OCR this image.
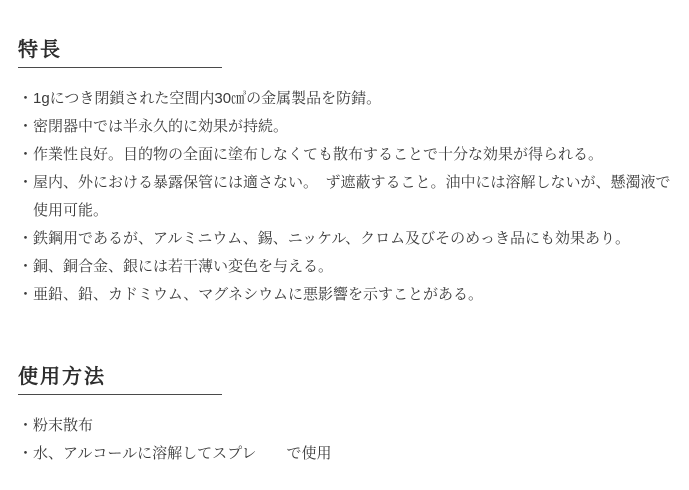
特長

・1gにつき閉鎖された空間内30㎤の金属製品を防錆。

・密閉器中では半永久的に効果が持続。

・作業性良好。目的物の全面に塗布しなくても散布することで十分な効果が得られる。

・屋内、外における暴露保管には適さない。　ず遮蔽すること。油中には溶解しないが、懸濁液で使用可能。

・鉄鋼用であるが、アルミニウム、錫、ニッケル、クロム及びそのめっき品にも効果あり。

・銅、銅合金、銀には若干薄い変色を与える。

・亜鉛、鉛、カドミウム、マグネシウムに悪影響を示すことがある。

使用方法

・粉末散布

・水、アルコールに溶解してスプレ　　で使用
